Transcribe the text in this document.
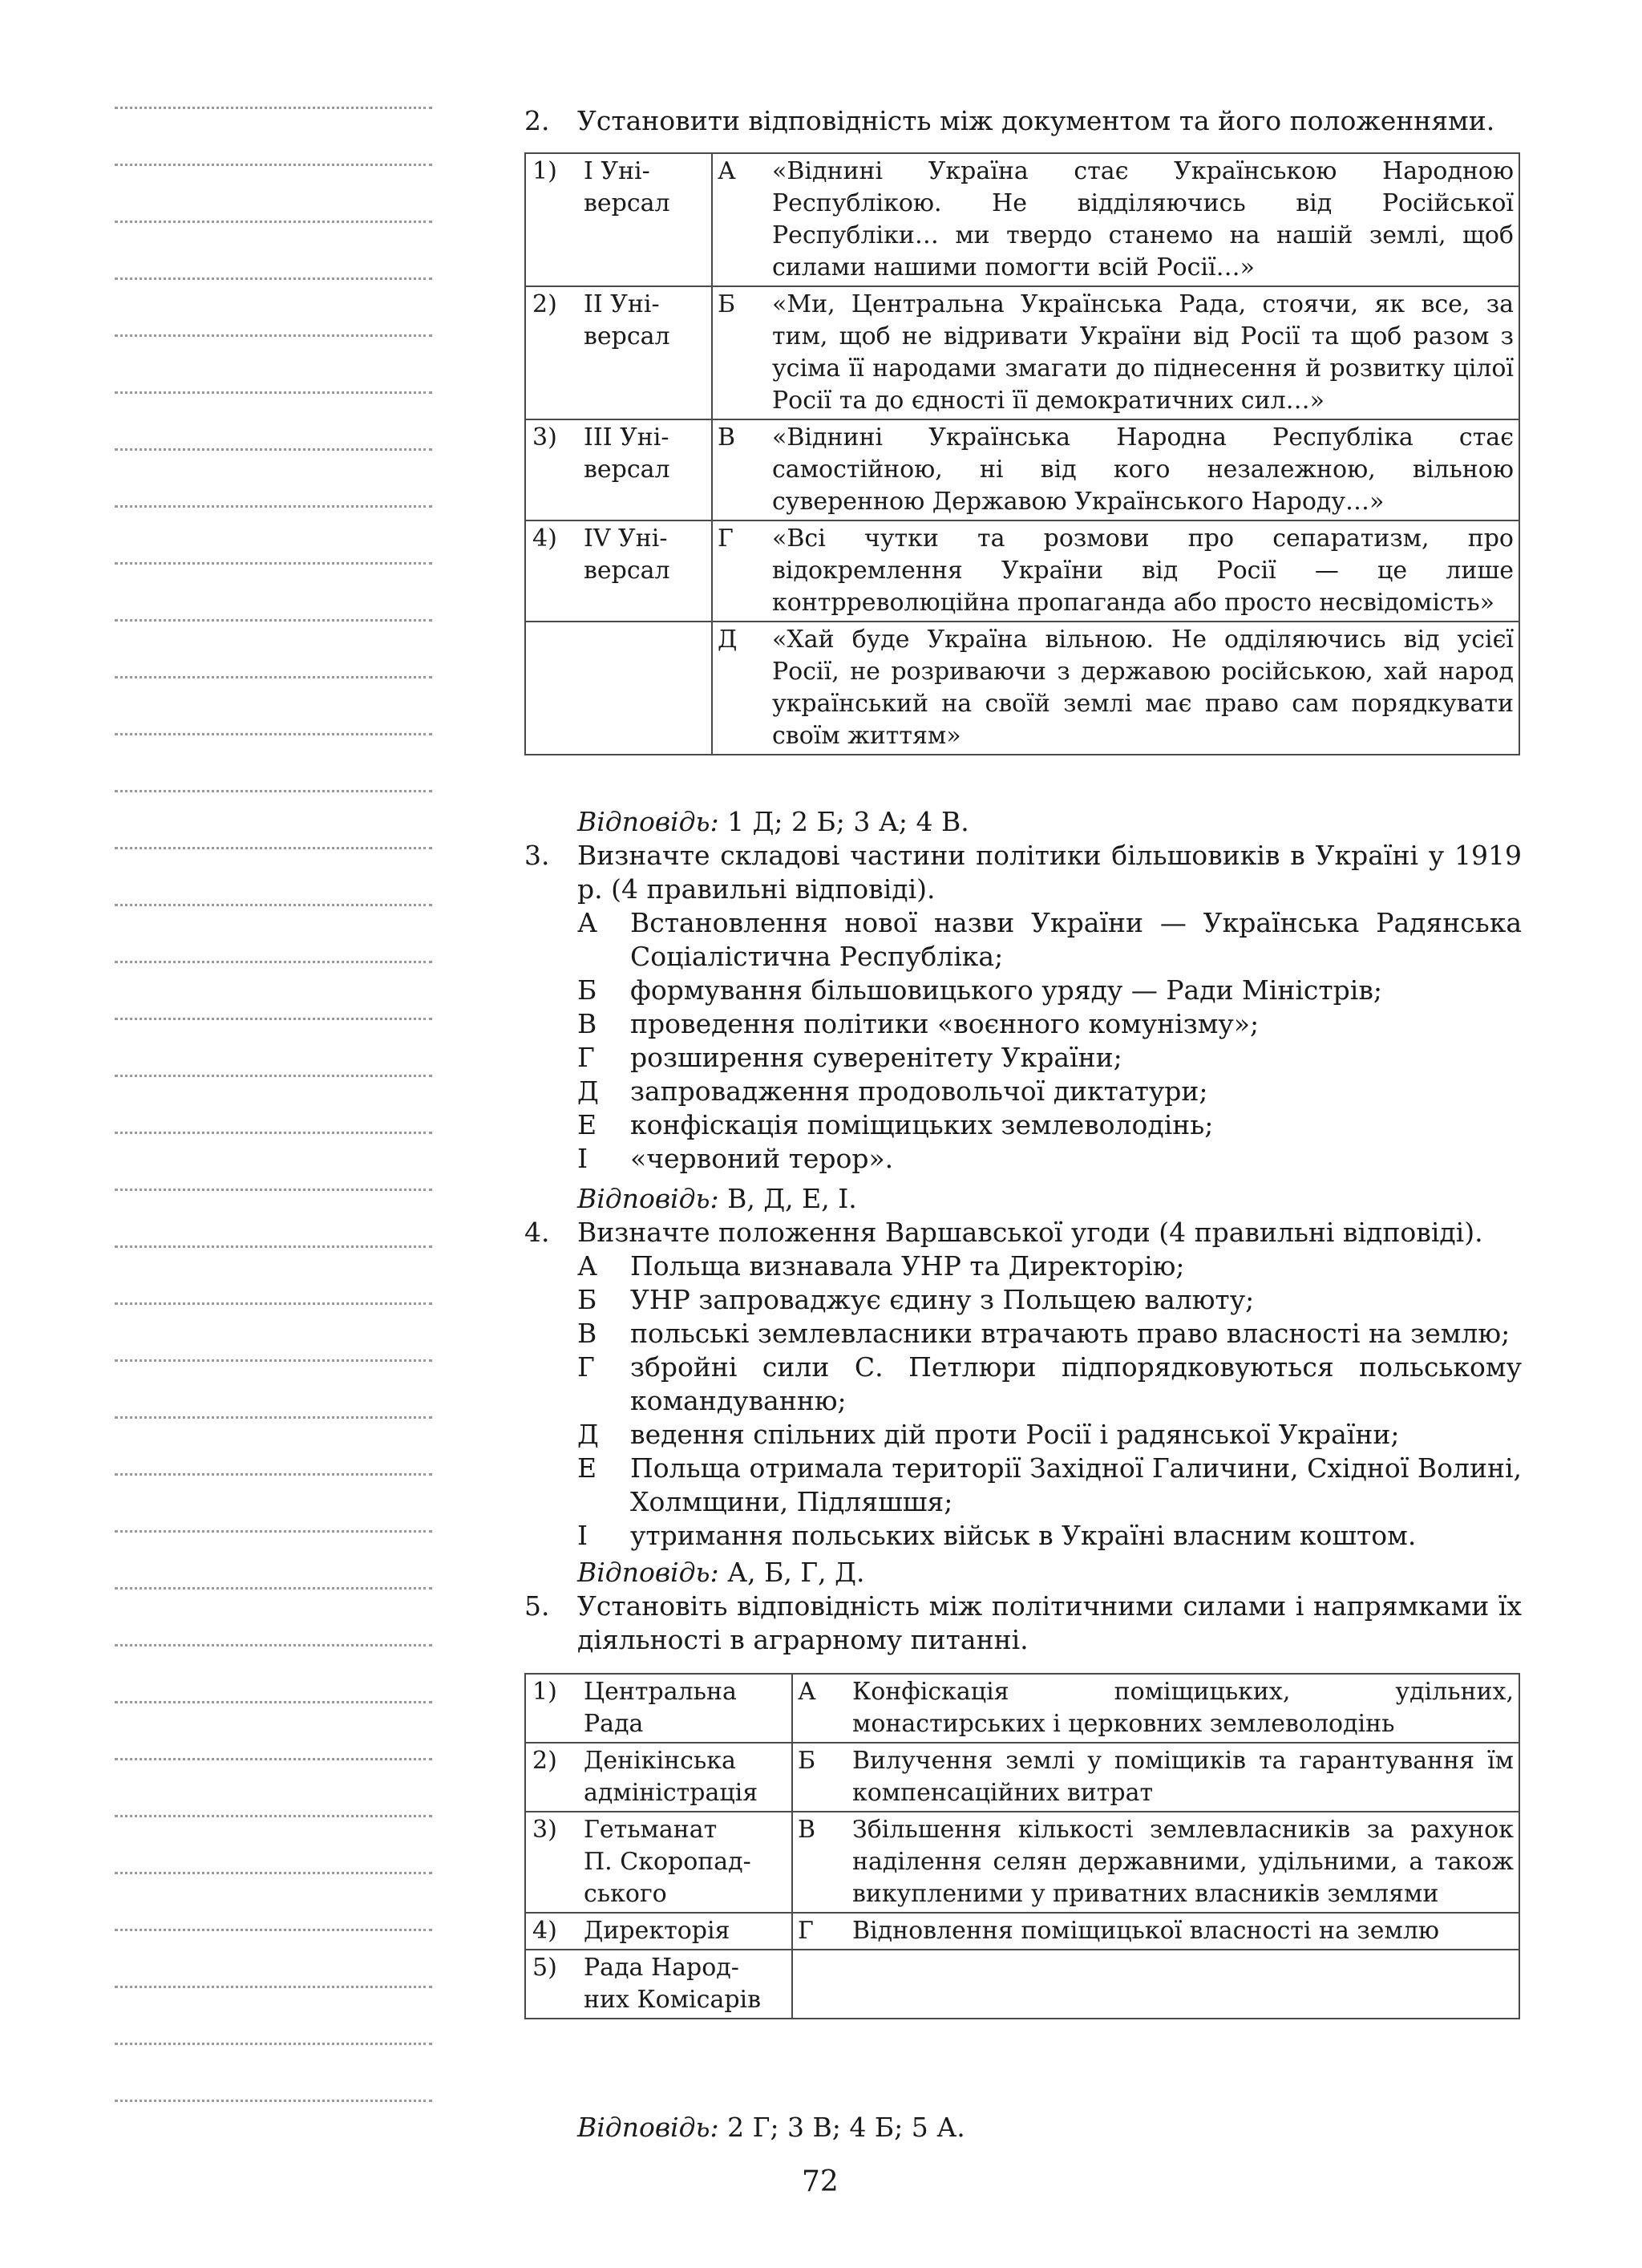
2. Установити відповідність між документом та його положеннями.
1)	І Уні-
версал	А	«Віднині Україна стає Українською Народною Республікою. Не відділяючись від Російської Республіки… ми твердо станемо на нашій землі, щоб силами нашими помогти всій Росії…»
2)	ІІ Уні-
версал	Б	«Ми, Центральна Українська Рада, стоячи, як все, за тим, щоб не відривати України від Росії та щоб разом з усіма її народами змагати до піднесення й розвитку цілої Росії та до єдності її демократичних сил…»
3)	ІІІ Уні-
версал	В	«Віднині Українська Народна Республіка стає самостійною, ні від кого незалежною, вільною суверенною Державою Українського Народу…»
4)	IV Уні-
версал	Г	«Всі чутки та розмови про сепаратизм, про відокремлення України від Росії — це лише контрреволюційна пропаганда або просто несвідомість»
		Д	«Хай буде Україна вільною. Не одділяючись від усієї Росії, не розриваючи з державою російською, хай народ український на своїй землі має право сам порядкувати своїм життям»
Відповідь: 1 Д; 2 Б; 3 А; 4 В.
3. Визначте складові частини політики більшовиків в Україні у 1919 р. (4 правильні відповіді).
А	Встановлення нової назви України — Українська Радянська Соціалістична Республіка;
Б	формування більшовицького уряду — Ради Міністрів;
В	проведення політики «воєнного комунізму»;
Г	розширення суверенітету України;
Д	запровадження продовольчої диктатури;
Е	конфіскація поміщицьких землеволодінь;
І	«червоний терор».
Відповідь: В, Д, Е, І.
4. Визначте положення Варшавської угоди (4 правильні відповіді).
А	Польща визнавала УНР та Директорію;
Б	УНР запроваджує єдину з Польщею валюту;
В	польські землевласники втрачають право власності на землю;
Г	збройні сили С. Петлюри підпорядковуються польському командуванню;
Д	ведення спільних дій проти Росії і радянської України;
Е	Польща отримала території Західної Галичини, Східної Волині, Холмщини, Підляшшя;
І	утримання польських військ в Україні власним коштом.
Відповідь: А, Б, Г, Д.
5. Установіть відповідність між політичними силами і напрямками їх діяльності в аграрному питанні.
1)	Центральна
Рада	А	Конфіскація поміщицьких, удільних, монастирських і церковних землеволодінь
2)	Денікінська
адміністрація	Б	Вилучення землі у поміщиків та гарантування їм компенсаційних витрат
3)	Гетьманат
П. Скоропад-
ського	В	Збільшення кількості землевласників за рахунок наділення селян державними, удільними, а також викупленими у приватних власників землями
4)	Директорія	Г	Відновлення поміщицької власності на землю
5)	Рада Народ-
них Комісарів		
Відповідь: 2 Г; 3 В; 4 Б; 5 А.
72
